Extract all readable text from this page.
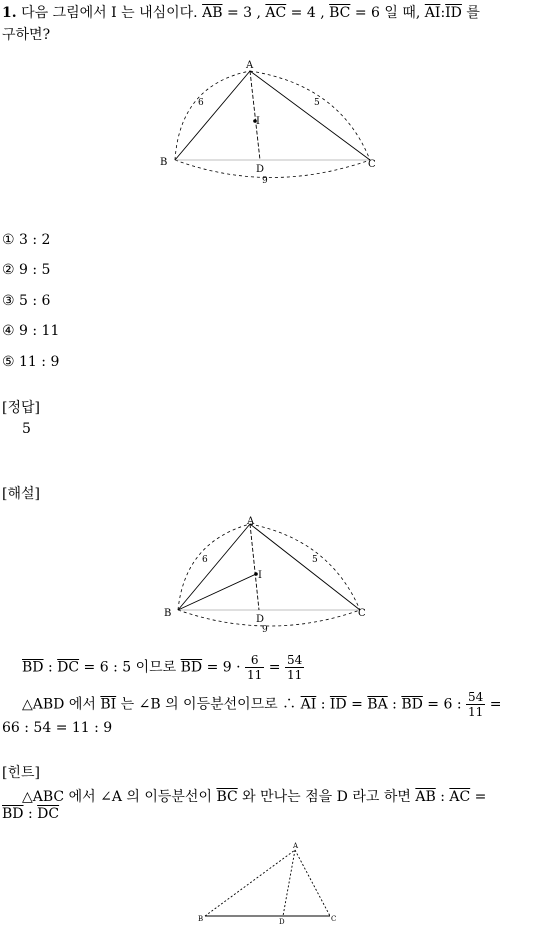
1. 다음 그림에서 I 는 내심이다. $\overline{AB} = 3$ , $\overline{AC} = 4$ , $\overline{BC} = 6$ 일 때, $\overline{AI}:\overline{ID}$ 를
구하면?
A
B	C
D
I
6	5
9
① 3 : 2
② 9 : 5
③ 5 : 6
④ 9 : 11
⑤ 11 : 9
[정답]
5
[해설]
A
B	C
D
I
6	5
9
$\overline{BD}$ : $\overline{DC} = 6$ : 5 이므로 $\overline{BD} = 9 \cdot \frac{6}{11} = \frac{54}{11}$
△ABD 에서 $\overline{BI}$ 는 ∠B 의 이등분선이므로 ∴ $\overline{AI}$ : $\overline{ID} = \overline{BA}$ : $\overline{BD} = 6$ : $\frac{54}{11}$ =
66 : 54 = 11 : 9
[힌트]
△ABC 에서 ∠A 의 이등분선이 $\overline{BC}$ 와 만나는 점을 D 라고 하면 $\overline{AB}$ : $\overline{AC}$ =
$\overline{BD}$ : $\overline{DC}$
A
B	C
D
